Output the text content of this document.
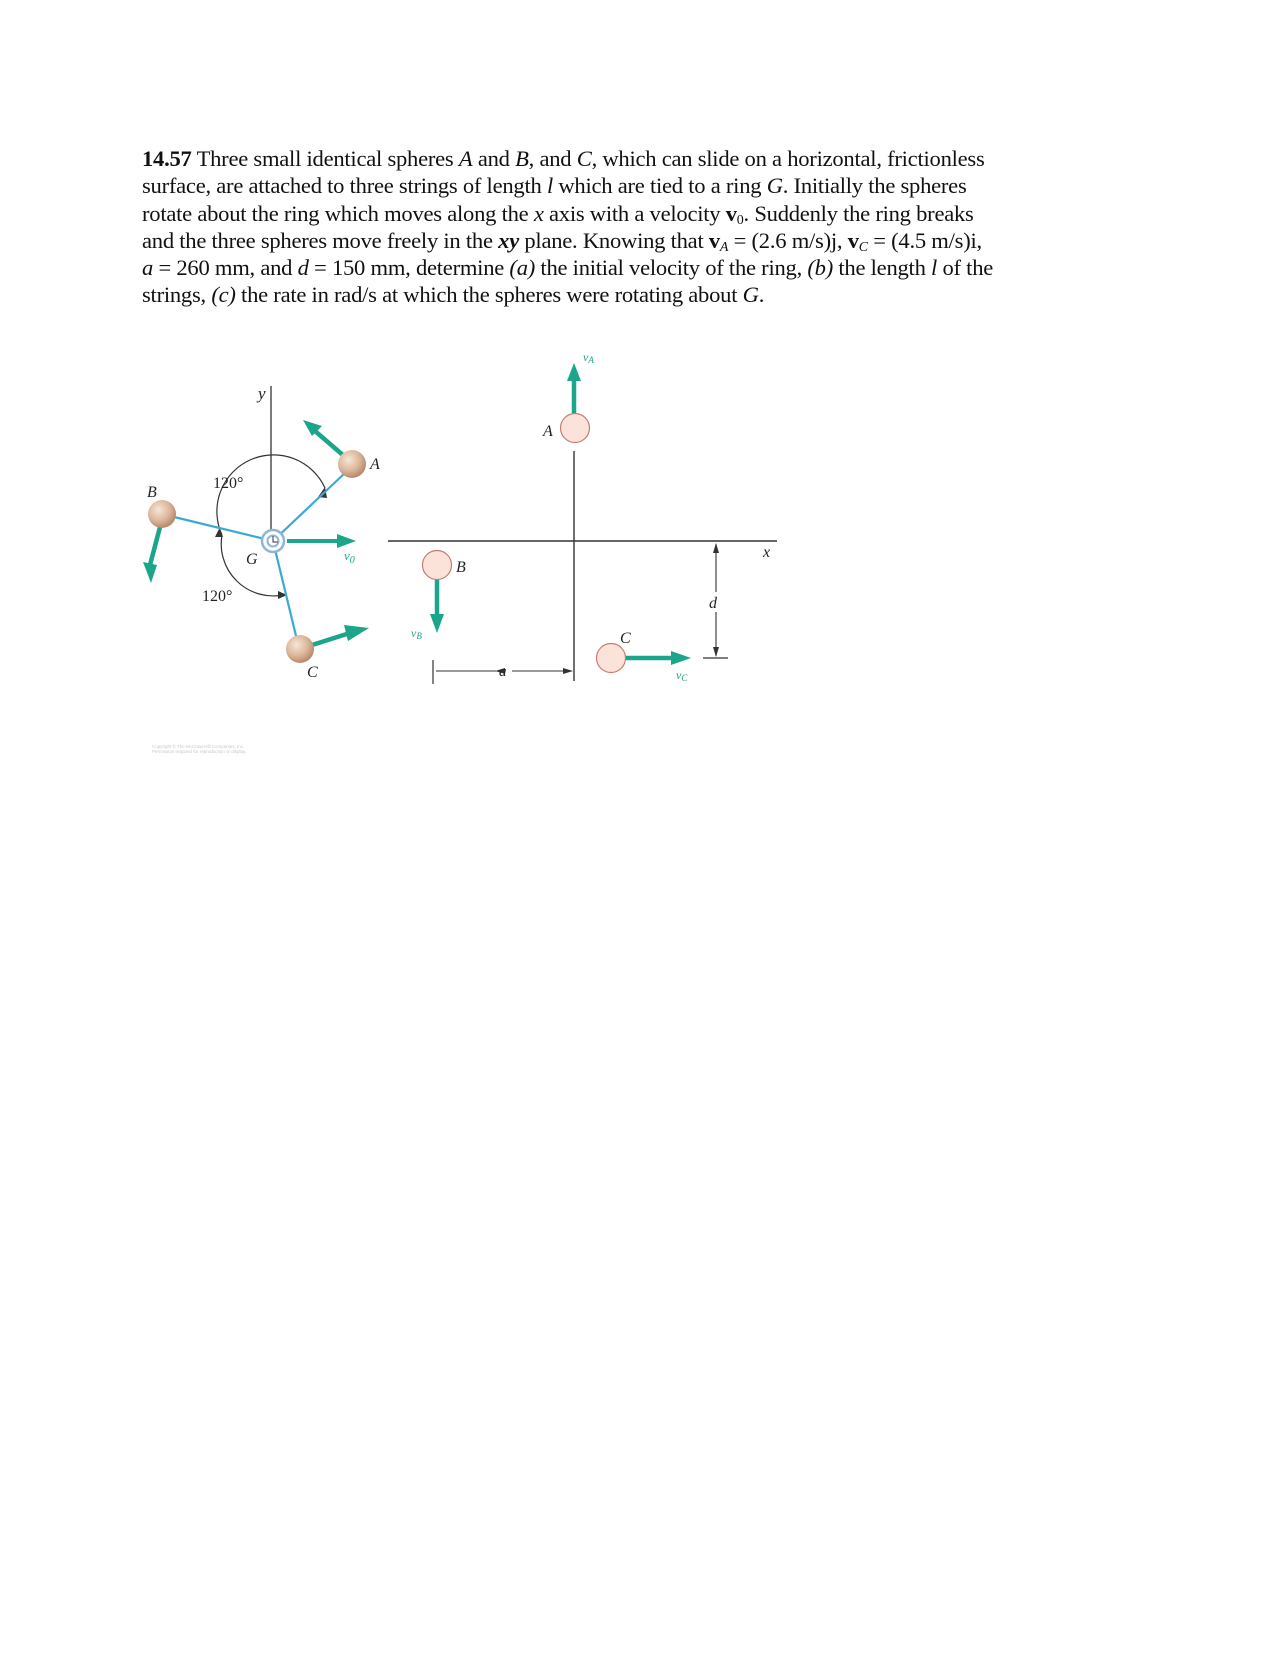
14.57 Three small identical spheres A and B, and C, which can slide on a horizontal, frictionless
surface, are attached to three strings of length l which are tied to a ring G. Initially the spheres
rotate about the ring which moves along the x axis with a velocity $v_0$. Suddenly the ring breaks
and the three spheres move freely in the xy plane. Knowing that $v_A = (2.6$ m/s)j, $v_C = (4.5$ m/s)i,
a = 260 mm, and d = 150 mm, determine (a) the initial velocity of the ring, (b) the length l of the
strings, (c) the rate in rad/s at which the spheres were rotating about G.
y
120°
120°
G	$v_0$
A
B
C
x
vA
A
B
vB
a
C
vC
d
Copyright © The McGraw-Hill Companies, Inc.
Permission required for reproduction or display.
